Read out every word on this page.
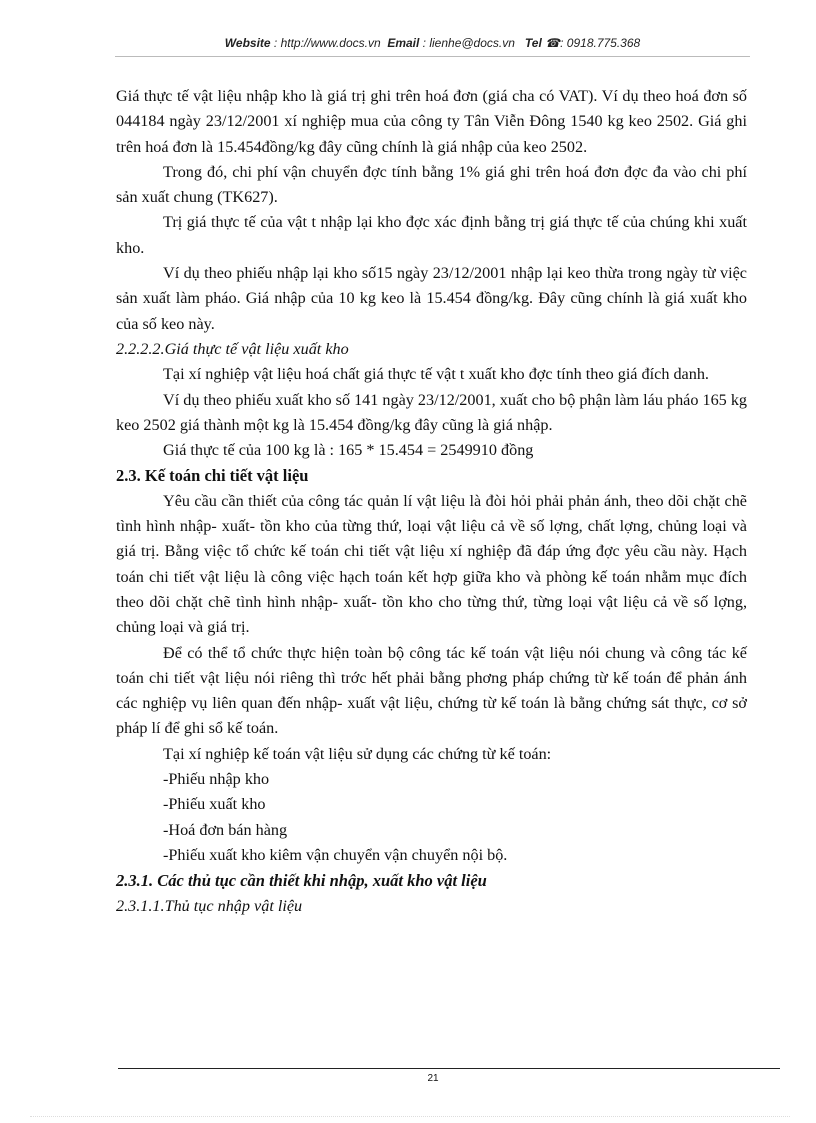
Website : http://www.docs.vn Email : lienhe@docs.vn Tel ☎: 0918.775.368

Giá thực tế vật liệu nhập kho là giá trị ghi trên hoá đơn (giá cha có VAT). Ví dụ theo hoá đơn số 044184 ngày 23/12/2001 xí nghiệp mua của công ty Tân Viễn Đông 1540 kg keo 2502. Giá ghi trên hoá đơn là 15.454đồng/kg đây cũng chính là giá nhập của keo 2502.

Trong đó, chi phí vận chuyển đợc tính bằng 1% giá ghi trên hoá đơn đợc đa vào chi phí sản xuất chung (TK627).

Trị giá thực tế của vật t nhập lại kho đợc xác định bằng trị giá thực tế của chúng khi xuất kho.

Ví dụ theo phiếu nhập lại kho số15 ngày 23/12/2001 nhập lại keo thừa trong ngày từ việc sản xuất làm pháo. Giá nhập của 10 kg keo là 15.454 đồng/kg. Đây cũng chính là giá xuất kho của số keo này.

2.2.2.2.Giá thực tế vật liệu xuất kho

Tại xí nghiệp vật liệu hoá chất giá thực tế vật t xuất kho đợc tính theo giá đích danh.

Ví dụ theo phiếu xuất kho số 141 ngày 23/12/2001, xuất cho bộ phận làm láu pháo 165 kg keo 2502 giá thành một kg là 15.454 đồng/kg đây cũng là giá nhập.

Giá thực tế của 100 kg là : 165 * 15.454 = 2549910 đồng

2.3. Kế toán chi tiết vật liệu

Yêu cầu cần thiết của công tác quản lí vật liệu là đòi hỏi phải phản ánh, theo dõi chặt chẽ tình hình nhập- xuất- tồn kho của từng thứ, loại vật liệu cả về số lợng, chất lợng, chủng loại và giá trị. Bằng việc tổ chức kế toán chi tiết vật liệu xí nghiệp đã đáp ứng đợc yêu cầu này. Hạch toán chi tiết vật liệu là công việc hạch toán kết hợp giữa kho và phòng kế toán nhằm mục đích theo dõi chặt chẽ tình hình nhập- xuất- tồn kho cho từng thứ, từng loại vật liệu cả về số lợng, chủng loại và giá trị.

Để có thể tổ chức thực hiện toàn bộ công tác kế toán vật liệu nói chung và công tác kế toán chi tiết vật liệu nói riêng thì trớc hết phải bằng phơng pháp chứng từ kế toán để phản ánh các nghiệp vụ liên quan đến nhập- xuất vật liệu, chứng từ kế toán là bằng chứng sát thực, cơ sở pháp lí để ghi sổ kế toán.

Tại xí nghiệp kế toán vật liệu sử dụng các chứng từ kế toán:

-Phiếu nhập kho

-Phiếu xuất kho

-Hoá đơn bán hàng

-Phiếu xuất kho kiêm vận chuyển vận chuyển nội bộ.

2.3.1. Các thủ tục cần thiết khi nhập, xuất kho vật liệu

2.3.1.1.Thủ tục nhập vật liệu

21
